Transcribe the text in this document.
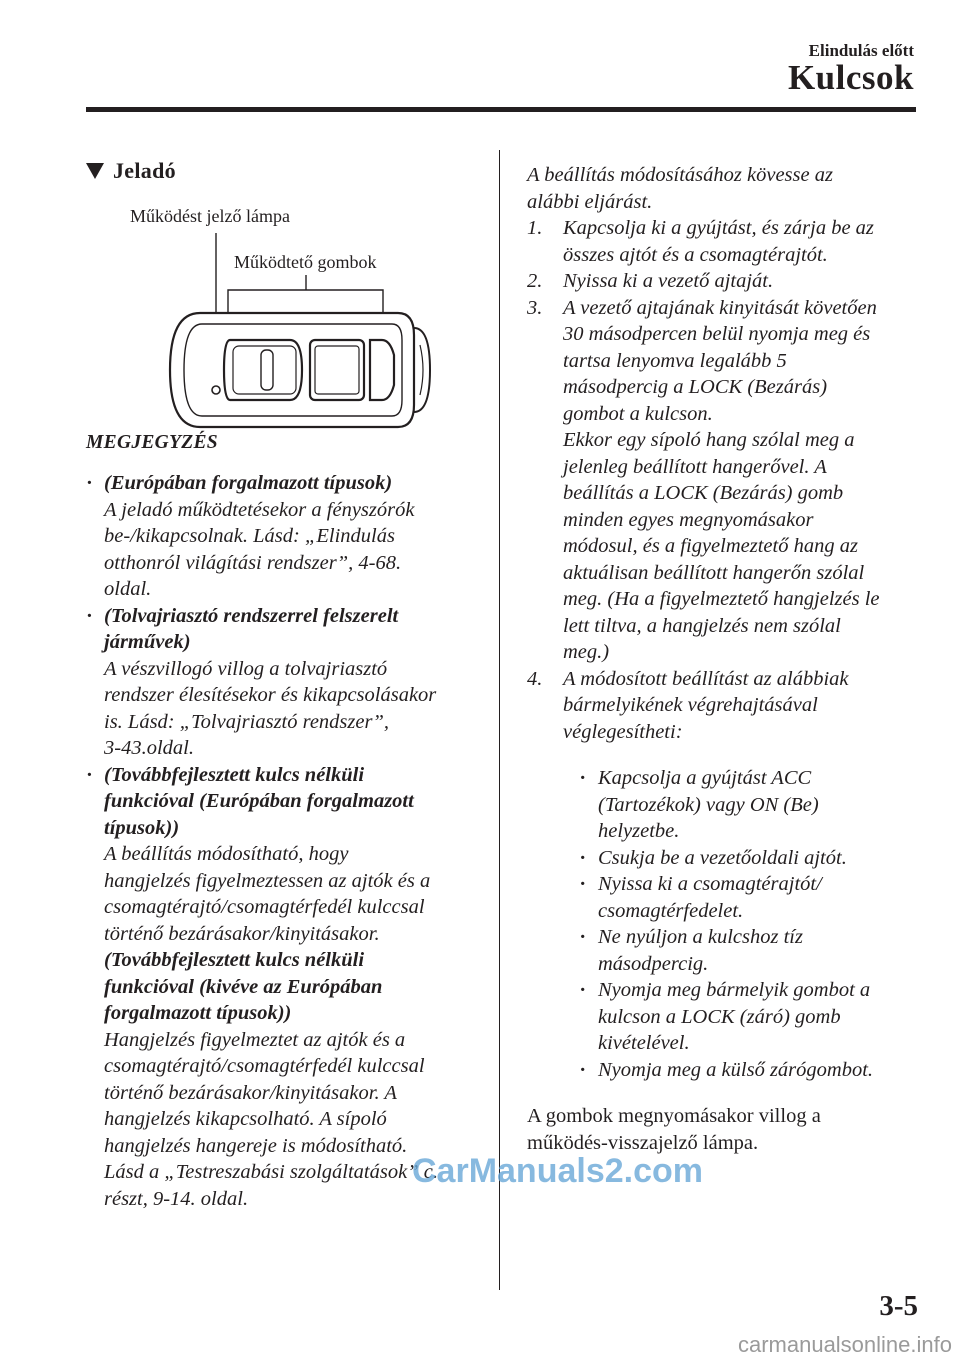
Elindulás előtt
Kulcsok
Jeladó
Működést jelző lámpa
Működtető gombok
MEGJEGYZÉS
· (Európában forgalmazott típusok)

A jeladó működtetésekor a fényszórók

be-/kikapcsolnak. Lásd: „Elindulás

otthonról világítási rendszer”, 4-68.

oldal.

· (Tolvajriasztó rendszerrel felszerelt

járművek)

A vészvillogó villog a tolvajriasztó

rendszer élesítésekor és kikapcsolásakor

is. Lásd: „Tolvajriasztó rendszer”,

3-43.oldal.

· (Továbbfejlesztett kulcs nélküli

funkcióval (Európában forgalmazott

típusok))

A beállítás módosítható, hogy

hangjelzés figyelmeztessen az ajtók és a

csomagtérajtó/csomagtérfedél kulccsal

történő bezárásakor/kinyitásakor.

(Továbbfejlesztett kulcs nélküli

funkcióval (kivéve az Európában

forgalmazott típusok))

Hangjelzés figyelmeztet az ajtók és a

csomagtérajtó/csomagtérfedél kulccsal

történő bezárásakor/kinyitásakor. A

hangjelzés kikapcsolható. A sípoló

hangjelzés hangereje is módosítható.

Lásd a „Testreszabási szolgáltatások” c.

részt, 9-14. oldal.

A beállítás módosításához kövesse az

alábbi eljárást.

1. Kapcsolja ki a gyújtást, és zárja be az

összes ajtót és a csomagtérajtót.

2. Nyissa ki a vezető ajtaját.

3. A vezető ajtajának kinyitását követően

30 másodpercen belül nyomja meg és

tartsa lenyomva legalább 5

másodpercig a LOCK (Bezárás)

gombot a kulcson.

Ekkor egy sípoló hang szólal meg a

jelenleg beállított hangerővel. A

beállítás a LOCK (Bezárás) gomb

minden egyes megnyomásakor

módosul, és a figyelmeztető hang az

aktuálisan beállított hangerőn szólal

meg. (Ha a figyelmeztető hangjelzés le

lett tiltva, a hangjelzés nem szólal

meg.)

4. A módosított beállítást az alábbiak

bármelyikének végrehajtásával

véglegesítheti:

· Kapcsolja a gyújtást ACC

(Tartozékok) vagy ON (Be)

helyzetbe.

· Csukja be a vezetőoldali ajtót.

· Nyissa ki a csomagtérajtót/

csomagtérfedelet.

· Ne nyúljon a kulcshoz tíz

másodpercig.

· Nyomja meg bármelyik gombot a

kulcson a LOCK (záró) gomb

kivételével.

· Nyomja meg a külső zárógombot.

A gombok megnyomásakor villog a

működés-visszajelző lámpa.

CarManuals2.com
3-5
carmanualsonline.info
